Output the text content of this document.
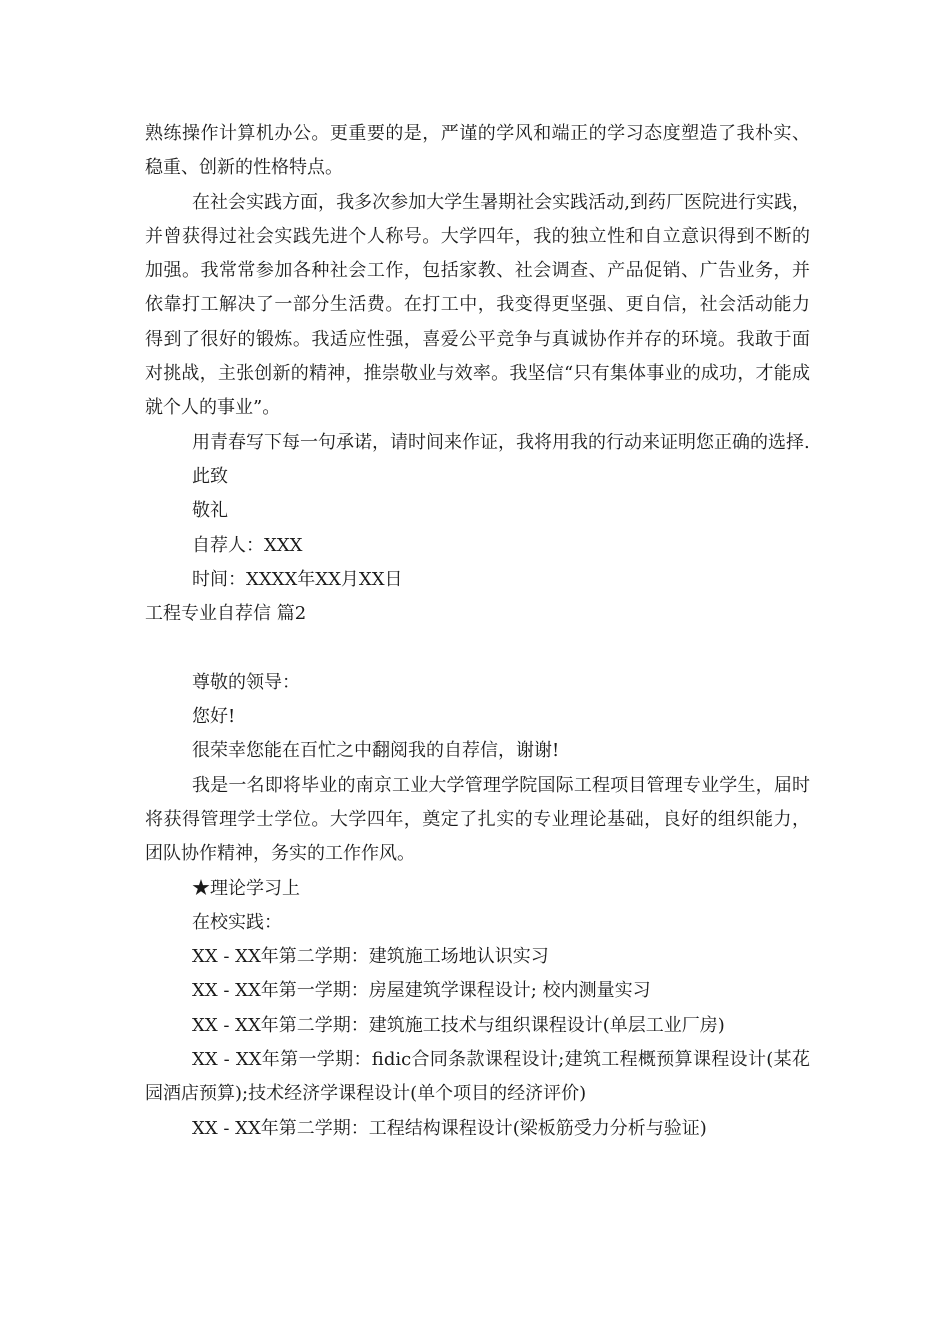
熟练操作计算机办公。更重要的是，严谨的学风和端正的学习态度塑造了我朴实、稳重、创新的性格特点。

在社会实践方面，我多次参加大学生暑期社会实践活动,到药厂医院进行实践，并曾获得过社会实践先进个人称号。大学四年，我的独立性和自立意识得到不断的加强。我常常参加各种社会工作，包括家教、社会调查、产品促销、广告业务，并依靠打工解决了一部分生活费。在打工中，我变得更坚强、更自信，社会活动能力得到了很好的锻炼。我适应性强，喜爱公平竞争与真诚协作并存的环境。我敢于面对挑战，主张创新的精神，推崇敬业与效率。我坚信“只有集体事业的成功，才能成就个人的事业”。

用青春写下每一句承诺，请时间来作证，我将用我的行动来证明您正确的选择.

此致

敬礼

自荐人：XXX

时间：XXXX年XX月XX日

工程专业自荐信 篇2

尊敬的领导：

您好!

很荣幸您能在百忙之中翻阅我的自荐信，谢谢!

我是一名即将毕业的南京工业大学管理学院国际工程项目管理专业学生，届时将获得管理学士学位。大学四年，奠定了扎实的专业理论基础，良好的组织能力，团队协作精神，务实的工作作风。

★理论学习上

在校实践：

XX - XX年第二学期：建筑施工场地认识实习

XX - XX年第一学期：房屋建筑学课程设计; 校内测量实习

XX - XX年第二学期：建筑施工技术与组织课程设计(单层工业厂房)

XX - XX年第一学期：fidic合同条款课程设计;建筑工程概预算课程设计(某花园酒店预算);技术经济学课程设计(单个项目的经济评价)

XX - XX年第二学期：工程结构课程设计(梁板筋受力分析与验证)
